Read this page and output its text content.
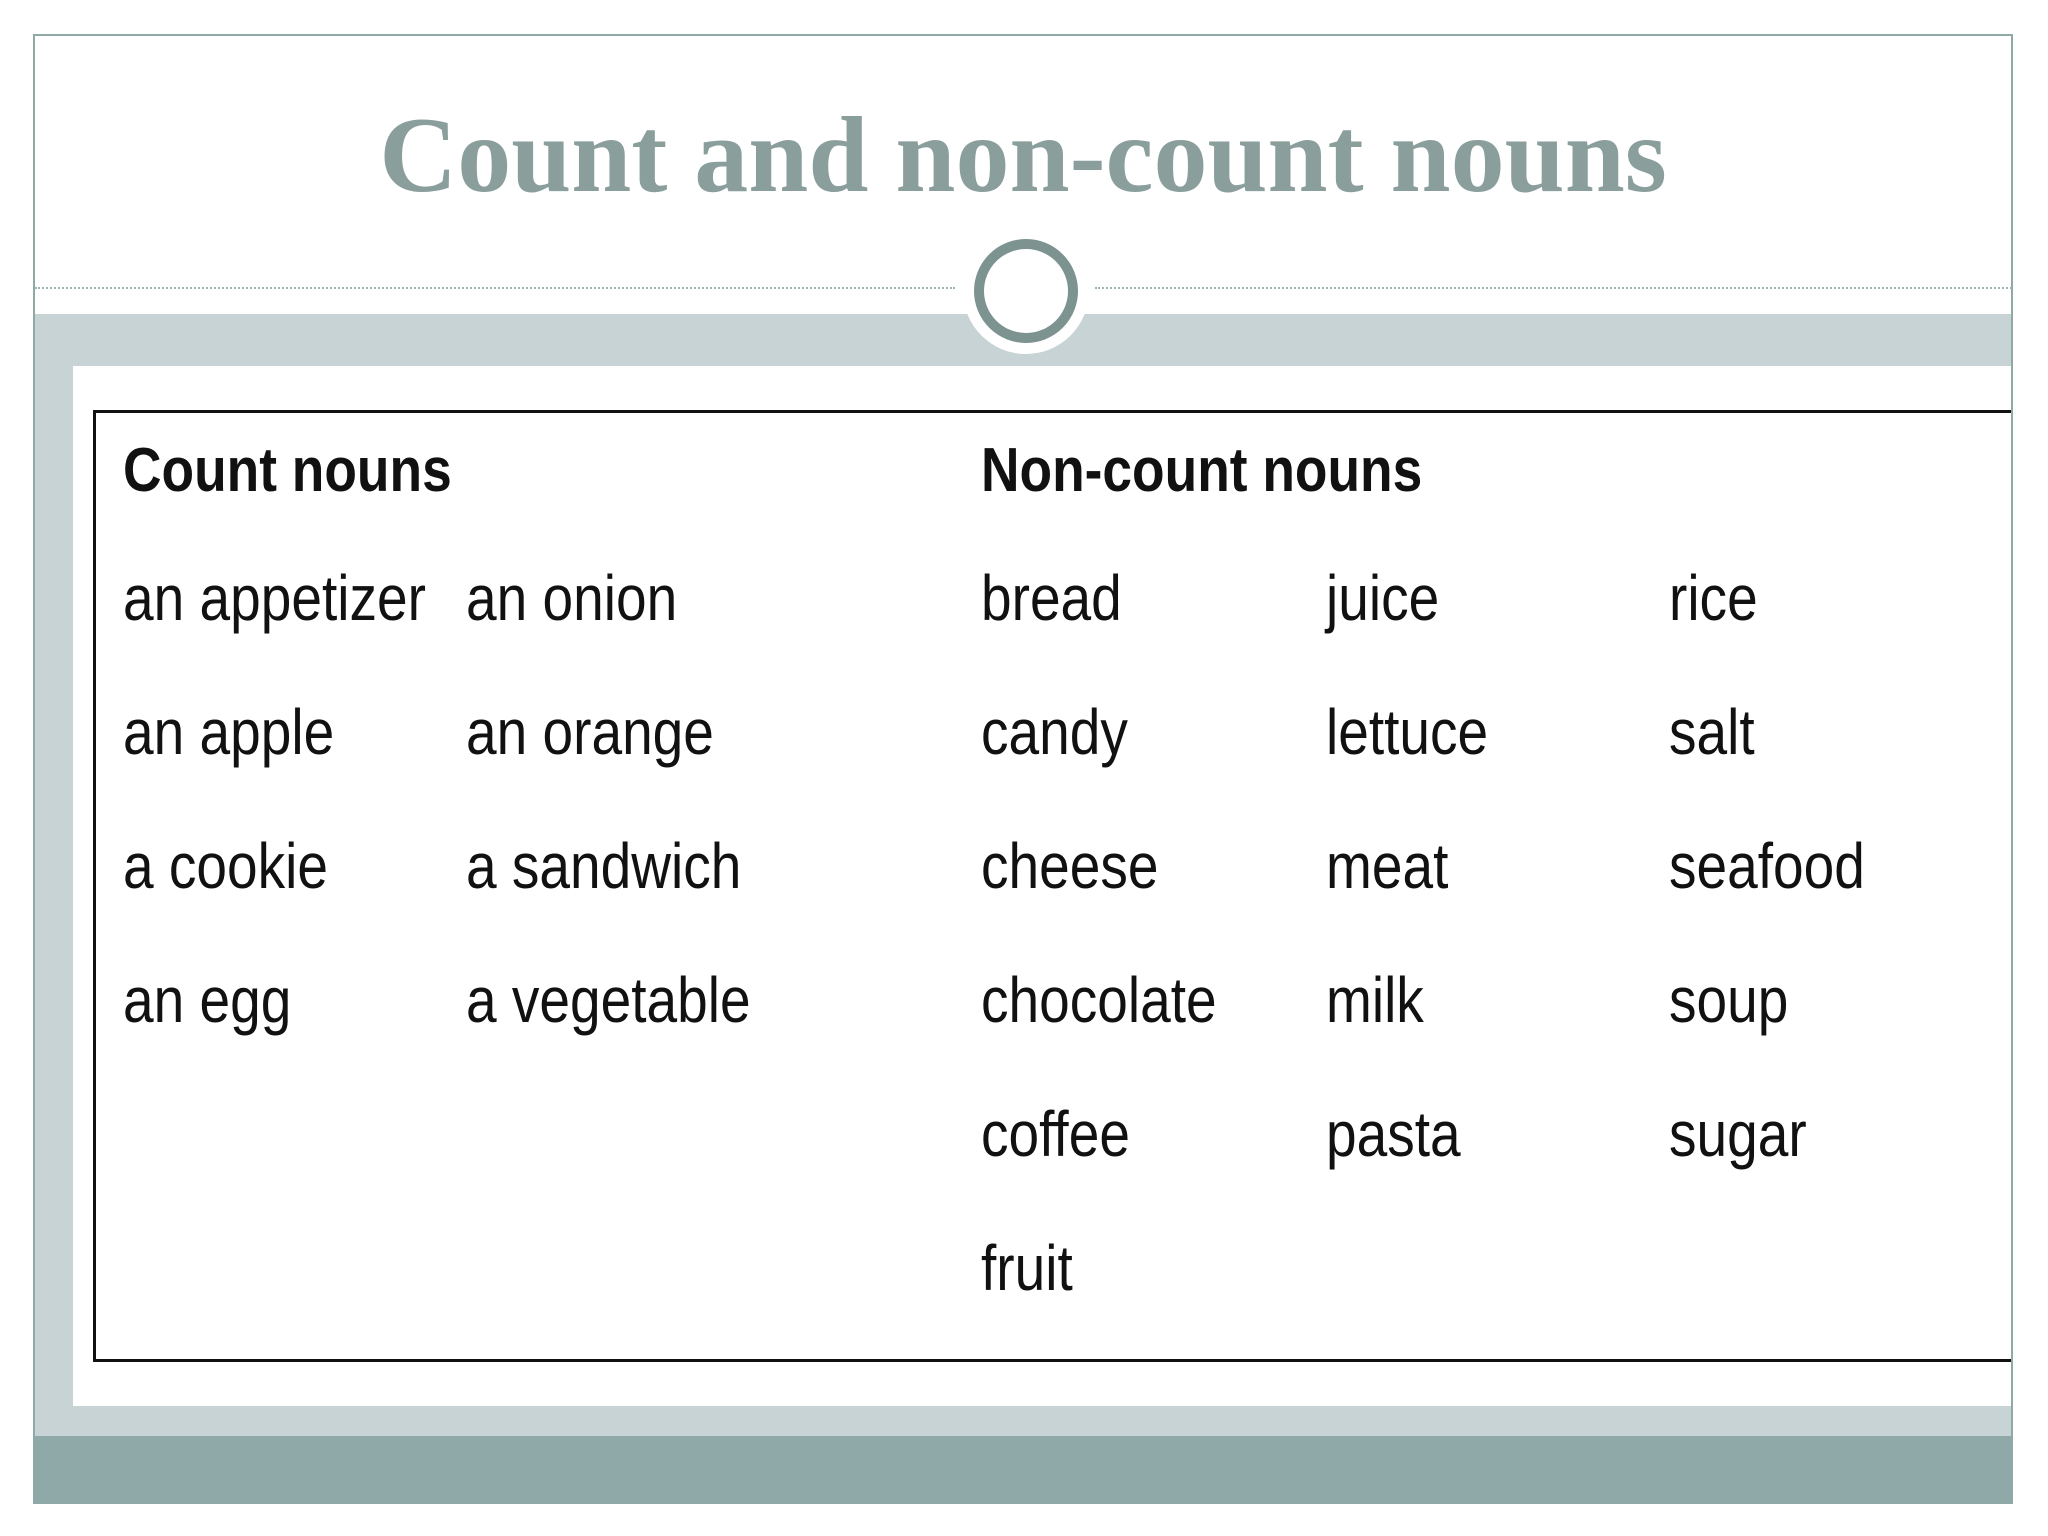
Count and non-count nouns
Count nouns
an appetizer
an apple
a cookie
an egg
an onion
an orange
a sandwich
a vegetable
Non-count nouns
bread
candy
cheese
chocolate
coffee
fruit
juice
lettuce
meat
milk
pasta
rice
salt
seafood
soup
sugar
